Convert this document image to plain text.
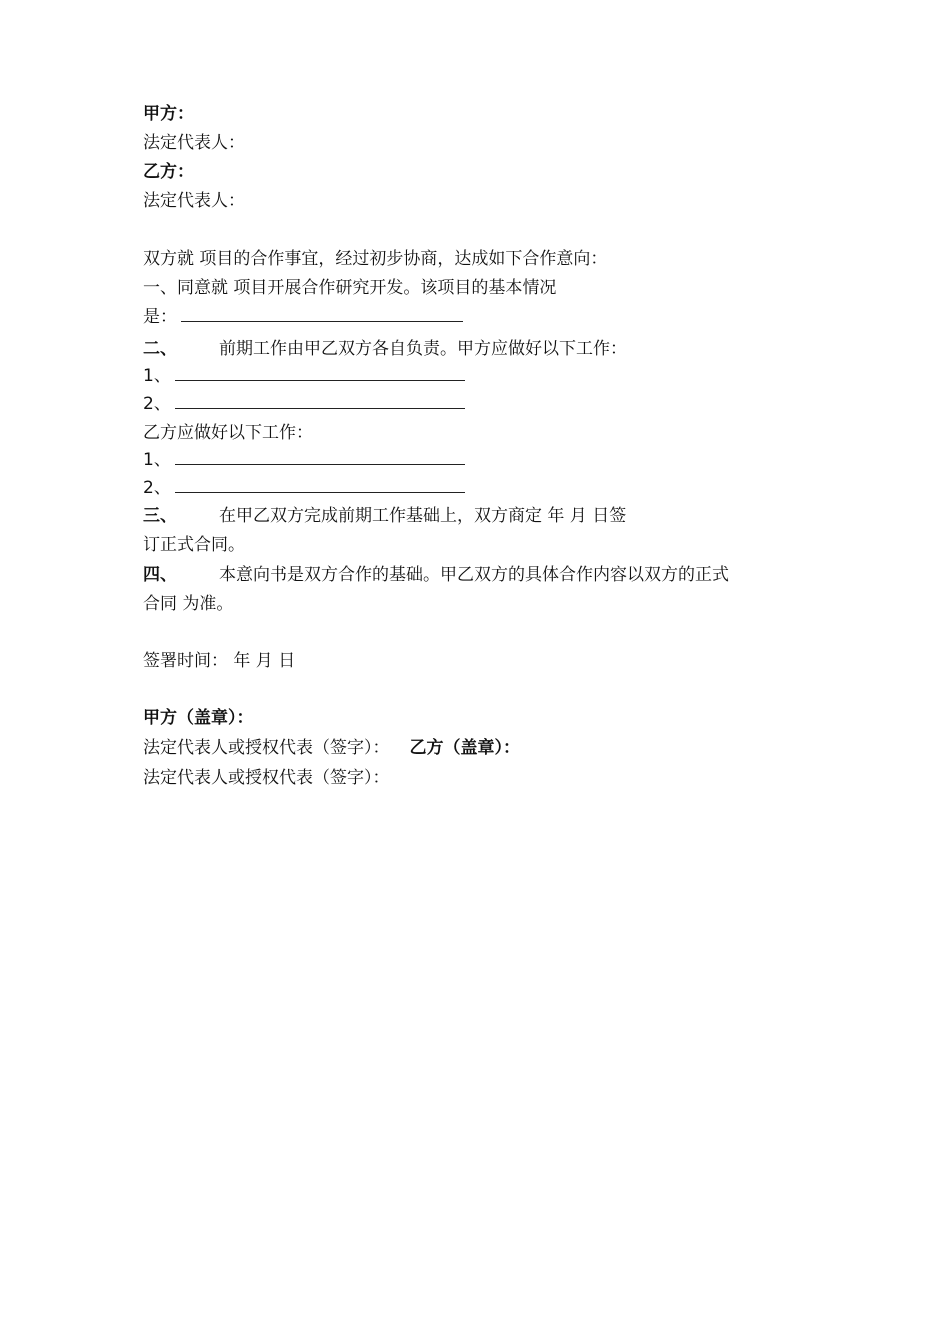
甲方：
法定代表人：
乙方：
法定代表人：
双方就 项目的合作事宜，经过初步协商，达成如下合作意向：
一、同意就 项目开展合作研究开发。该项目的基本情况
是：
二、 前期工作由甲乙双方各自负责。甲方应做好以下工作：
1、
2、
乙方应做好以下工作：
1、
2、
三、 在甲乙双方完成前期工作基础上，双方商定 年 月 日签
订正式合同。
四、 本意向书是双方合作的基础。甲乙双方的具体合作内容以双方的正式
合同 为准。
签署时间： 年 月 日
甲方（盖章）：
法定代表人或授权代表（签字）： 乙方（盖章）：
法定代表人或授权代表（签字）：
